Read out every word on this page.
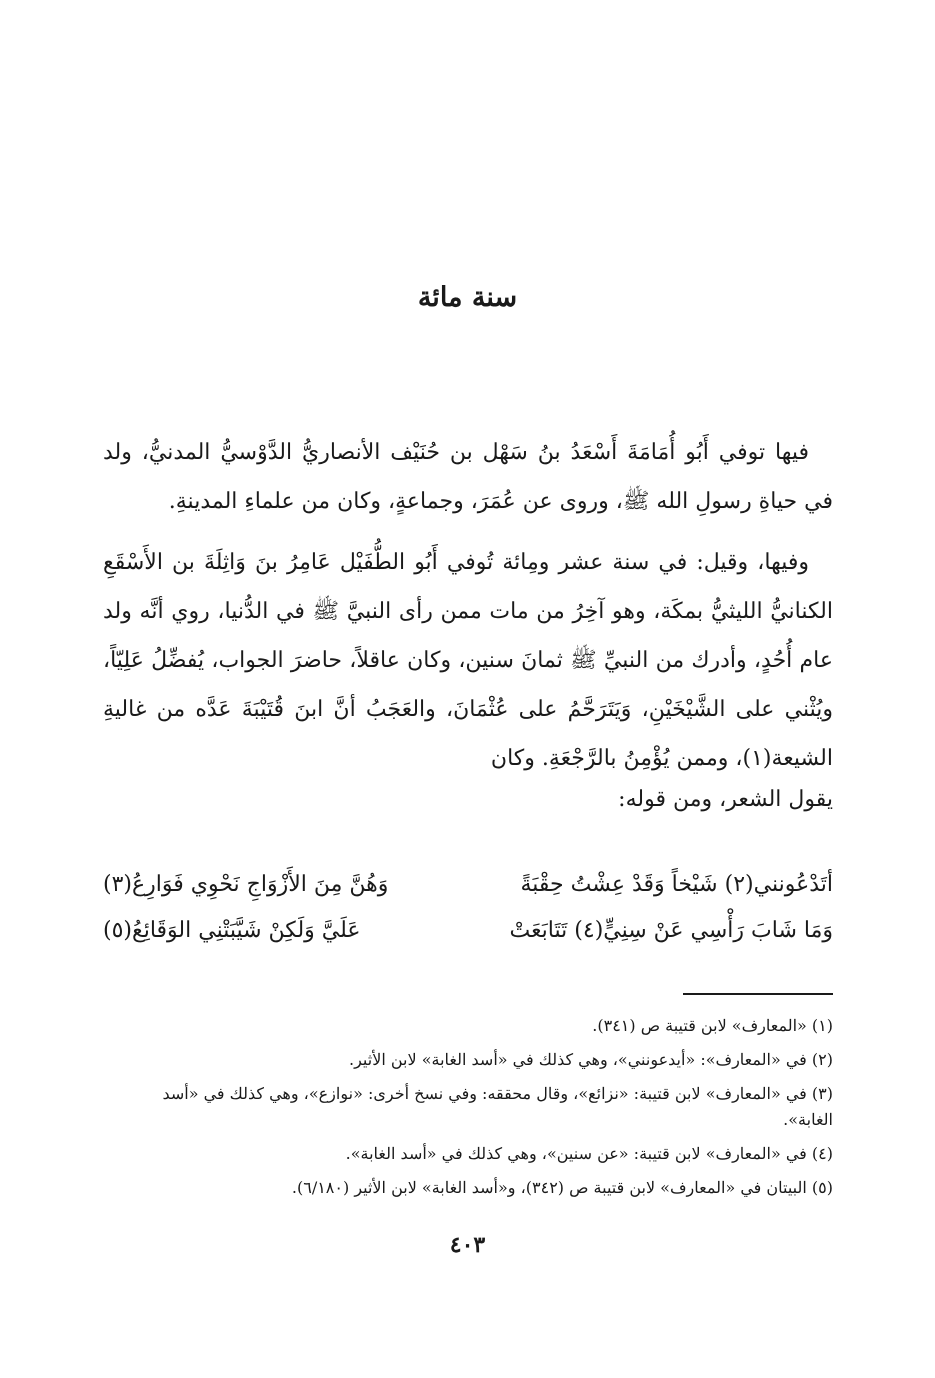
سنة مائة

فيها توفي أَبُو أُمَامَةَ أَسْعَدُ بنُ سَهْل بن حُنَيْف الأنصاريُّ الدَّوْسيُّ المدنيُّ، ولد في حياةِ رسولِ الله ﷺ، وروى عن عُمَرَ، وجماعةٍ، وكان من علماءِ المدينةِ.

وفيها، وقيل: في سنة عشر ومِائة تُوفي أَبُو الطُّفَيْل عَامِرُ بنَ وَاثِلَةَ بن الأَسْقَعِ الكنانيُّ الليثيُّ بمكَة، وهو آخِرُ من مات ممن رأى النبيَّ ﷺ في الدُّنيا، روي أنَّه ولد عام أُحُدٍ، وأدرك من النبيِّ ﷺ ثمانَ سنين، وكان عاقلاً، حاضرَ الجواب، يُفضِّلُ عَلِيّاً، ويُثْني على الشَّيْخَيْنِ، وَيَتَرَحَّمُ على عُثْمَانَ، والعَجَبُ أنَّ ابنَ قُتَيْبَةَ عَدَّه من غاليةِ الشيعة(١)، وممن يُؤْمِنُ بالرَّجْعَةِ. وكان

يقول الشعر، ومن قوله:

أتَدْعُونني(٢) شَيْخاً وَقَدْ عِشْتُ حِقْبَةً
وَهُنَّ مِنَ الأَزْوَاجِ نَحْوِي فَوَارِعُ(٣)
وَمَا شَابَ رَأْسِي عَنْ سِنِيٍّ(٤) تَتَابَعَتْ
عَلَيَّ وَلَكِنْ شَيَّبَتْنِي الوَقَائِعُ(٥)

(١) «المعارف» لابن قتيبة ص (٣٤١).

(٢) في «المعارف»: «أيدعونني»، وهي كذلك في «أسد الغابة» لابن الأثير.

(٣) في «المعارف» لابن قتيبة: «نزائع»، وقال محققه: وفي نسخ أخرى: «نوازع»، وهي كذلك في «أسد الغابة».

(٤) في «المعارف» لابن قتيبة: «عن سنين»، وهي كذلك في «أسد الغابة».

(٥) البيتان في «المعارف» لابن قتيبة ص (٣٤٢)، و«أسد الغابة» لابن الأثير (٦/١٨٠).

٤٠٣
